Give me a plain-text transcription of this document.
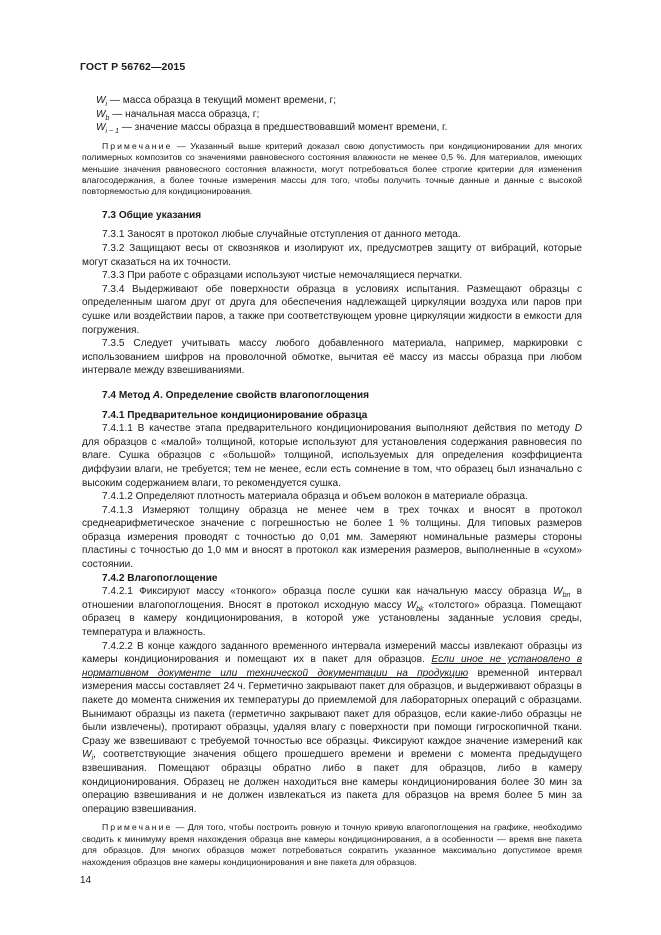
ГОСТ Р 56762—2015

$W_i$ — масса образца в текущий момент времени, г;

$W_b$ — начальная масса образца, г;

$W_{i - 1}$ — значение массы образца в предшествовавший момент времени, г.

Примечание — Указанный выше критерий доказал свою допустимость при кондиционировании для многих полимерных композитов со значениями равновесного состояния влажности не менее 0,5 %. Для материалов, имеющих меньшие значения равновесного состояния влажности, могут потребоваться более строгие критерии для изменения влагосодержания, а более точные измерения массы для того, чтобы получить точные данные и данные с высокой повторяемостью для кондиционирования.

7.3 Общие указания

7.3.1 Заносят в протокол любые случайные отступления от данного метода.

7.3.2 Защищают весы от сквозняков и изолируют их, предусмотрев защиту от вибраций, которые могут сказаться на их точности.

7.3.3 При работе с образцами используют чистые немочалящиеся перчатки.

7.3.4 Выдерживают обе поверхности образца в условиях испытания. Размещают образцы с определенным шагом друг от друга для обеспечения надлежащей циркуляции воздуха или паров при сушке или воздействии паров, а также при соответствующем уровне циркуляции жидкости в емкости для погружения.

7.3.5 Следует учитывать массу любого добавленного материала, например, маркировки с использованием шифров на проволочной обмотке, вычитая её массу из массы образца при любом интервале между взвешиваниями.

7.4 Метод А. Определение свойств влагопоглощения

7.4.1 Предварительное кондиционирование образца

7.4.1.1 В качестве этапа предварительного кондиционирования выполняют действия по методу D для образцов с «малой» толщиной, которые используют для установления содержания равновесия по влаге. Сушка образцов с «большой» толщиной, используемых для определения коэффициента диффузии влаги, не требуется; тем не менее, если есть сомнение в том, что образец был изначально с высоким содержанием влаги, то рекомендуется сушка.

7.4.1.2 Определяют плотность материала образца и объем волокон в материале образца.

7.4.1.3 Измеряют толщину образца не менее чем в трех точках и вносят в протокол среднеарифметическое значение с погрешностью не более 1 % толщины. Для типовых размеров образца измерения проводят с точностью до 0,01 мм. Замеряют номинальные размеры стороны пластины с точностью до 1,0 мм и вносят в протокол как измерения размеров, выполненные в «сухом» состоянии.

7.4.2 Влагопоглощение

7.4.2.1 Фиксируют массу «тонкого» образца после сушки как начальную массу образца $W_{bn}$ в отношении влагопоглощения. Вносят в протокол исходную массу $W_{bk}$ «толстого» образца. Помещают образец в камеру кондиционирования, в которой уже установлены заданные условия среды, температура и влажность.

7.4.2.2 В конце каждого заданного временного интервала измерений массы извлекают образцы из камеры кондиционирования и помещают их в пакет для образцов. Если иное не установлено в нормативном документе или технической документации на продукцию временной интервал измерения массы составляет 24 ч. Герметично закрывают пакет для образцов, и выдерживают образцы в пакете до момента снижения их температуры до приемлемой для лабораторных операций с образцами. Вынимают образцы из пакета (герметично закрывают пакет для образцов, если какие-либо образцы не были извлечены), протирают образцы, удаляя влагу с поверхности при помощи гигроскопичной ткани. Сразу же взвешивают с требуемой точностью все образцы. Фиксируют каждое значение измерений как $W_i$, соответствующие значения общего прошедшего времени и времени с момента предыдущего взвешивания. Помещают образцы обратно либо в пакет для образцов, либо в камеру кондиционирования. Образец не должен находиться вне камеры кондиционирования более 30 мин за операцию взвешивания и не должен извлекаться из пакета для образцов на время более 5 мин за операцию взвешивания.

Примечание — Для того, чтобы построить ровную и точную кривую влагопоглощения на графике, необходимо сводить к минимуму время нахождения образца вне камеры кондиционирования, а в особенности — время вне пакета для образцов. Для многих образцов может потребоваться сократить указанное максимально допустимое время нахождения образцов вне камеры кондиционирования и вне пакета для образцов.

14
